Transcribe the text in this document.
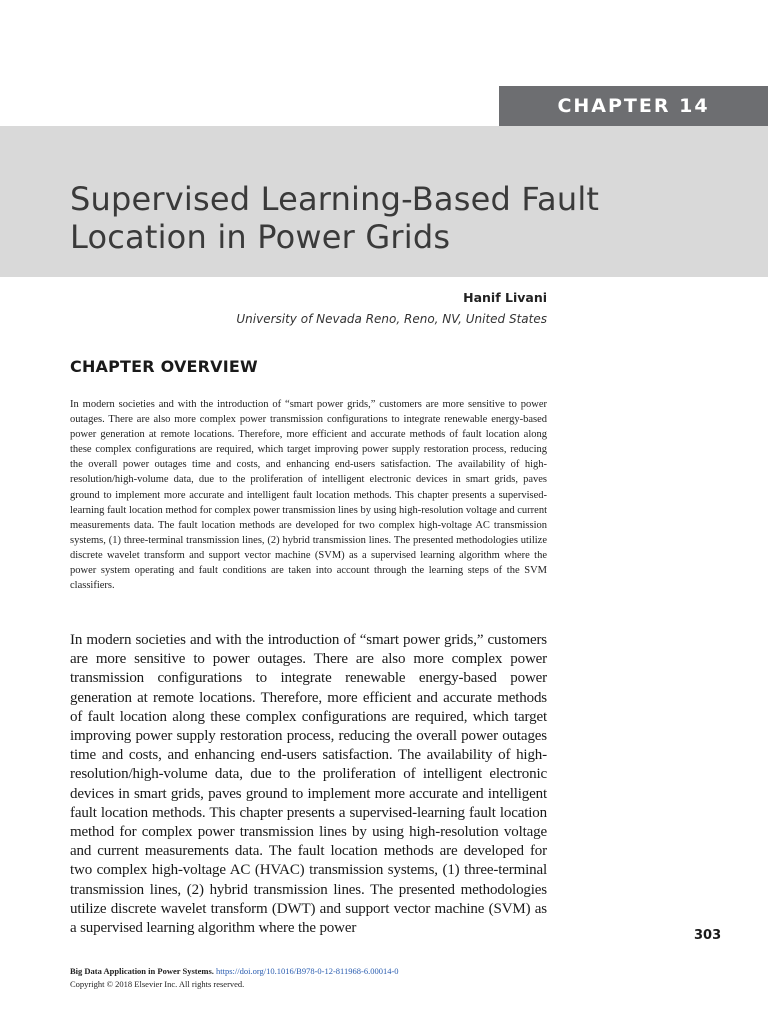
CHAPTER 14
Supervised Learning-Based Fault Location in Power Grids

Hanif Livani

University of Nevada Reno, Reno, NV, United States

CHAPTER OVERVIEW

In modern societies and with the introduction of “smart power grids,” customers are more sensitive to power outages. There are also more complex power transmission configurations to integrate renewable energy-based power generation at remote locations. Therefore, more efficient and accurate methods of fault location along these complex configurations are required, which target improving power supply restoration process, reducing the overall power outages time and costs, and enhancing end-users satisfaction. The availability of high-resolution/high-volume data, due to the proliferation of intelligent electronic devices in smart grids, paves ground to implement more accurate and intelligent fault location methods. This chapter presents a supervised-learning fault location method for complex power transmission lines by using high-resolution voltage and current measurements data. The fault location methods are developed for two complex high-voltage AC transmission systems, (1) three-terminal transmission lines, (2) hybrid transmission lines. The presented methodologies utilize discrete wavelet transform and support vector machine (SVM) as a supervised learning algorithm where the power system operating and fault conditions are taken into account through the learning steps of the SVM classifiers.

In modern societies and with the introduction of “smart power grids,” customers are more sensitive to power outages. There are also more complex power transmission configurations to integrate renewable energy-based power generation at remote locations. Therefore, more efficient and accurate methods of fault location along these complex configurations are required, which target improving power supply restoration process, reducing the overall power outages time and costs, and enhancing end-users satisfaction. The availability of high-resolution/high-volume data, due to the proliferation of intelligent electronic devices in smart grids, paves ground to implement more accurate and intelligent fault location methods. This chapter presents a supervised-learning fault location method for complex power transmission lines by using high-resolution voltage and current measurements data. The fault location methods are developed for two complex high-voltage AC (HVAC) transmission systems, (1) three-terminal transmission lines, (2) hybrid transmission lines. The presented methodologies utilize discrete wavelet transform (DWT) and support vector machine (SVM) as a supervised learning algorithm where the power	303

Big Data Application in Power Systems. https://doi.org/10.1016/B978-0-12-811968-6.00014-0
Copyright © 2018 Elsevier Inc. All rights reserved.
